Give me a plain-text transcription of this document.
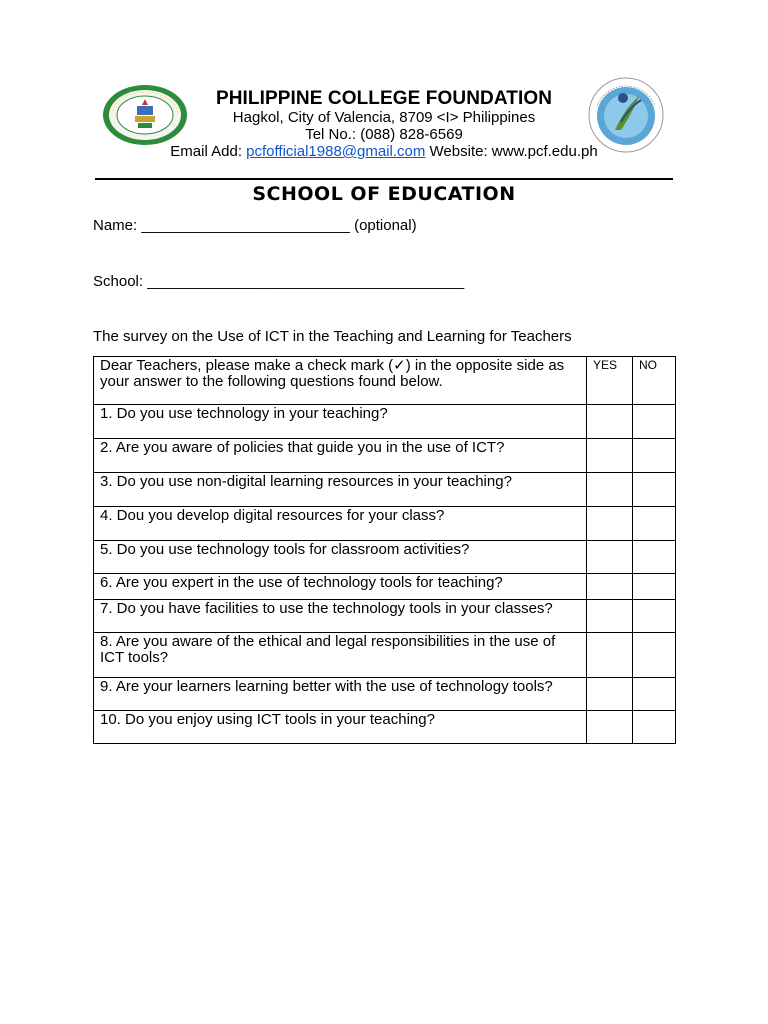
PHILIPPINE COLLEGE FOUNDATION
Hagkol, City of Valencia, 8709 <I> Philippines
Tel No.: (088) 828-6569
Email Add: pcfofficial1988@gmail.com Website: www.pcf.edu.ph
SCHOOL OF EDUCATION
Name: _________________________ (optional)
School: ______________________________________
The survey on the Use of ICT in the Teaching and Learning for Teachers
Dear Teachers, please make a check mark (✓) in the opposite side as your answer to the following questions found below.	YES	NO
1. Do you use technology in your teaching?		
2. Are you aware of policies that guide you in the use of ICT?		
3. Do you use non-digital learning resources in your teaching?		
4. Dou you develop digital resources for your class?		
5. Do you use technology tools for classroom activities?		
6. Are you expert in the use of technology tools for teaching?		
7. Do you have facilities to use the technology tools in your classes?		
8. Are you aware of the ethical and legal responsibilities in the use of ICT tools?		
9. Are your learners learning better with the use of technology tools?		
10. Do you enjoy using ICT tools in your teaching?		
